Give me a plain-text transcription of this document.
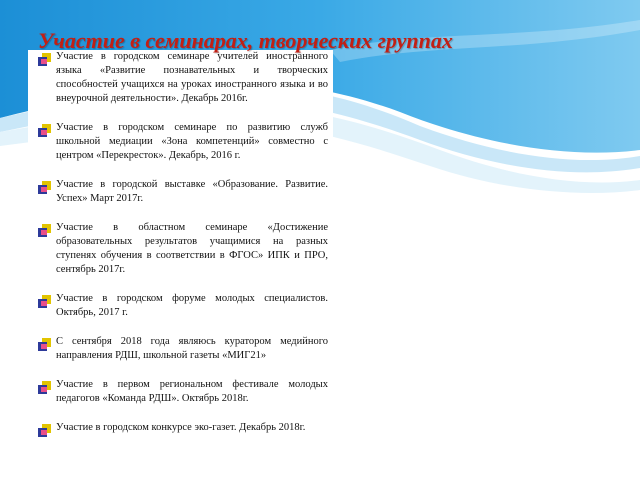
Участие в семинарах, творческих группах
Участие в городском семинаре учителей иностранного языка «Развитие познавательных и творческих способностей учащихся на уроках иностранного языка и во внеурочной деятельности». Декабрь 2016г.
Участие в городском семинаре по развитию служб школьной медиации «Зона компетенций» совместно с центром «Перекресток». Декабрь, 2016 г.
Участие в городской выставке «Образование. Развитие. Успех» Март 2017г.
Участие в областном семинаре «Достижение образовательных результатов учащимися на разных ступенях обучения в соответствии в ФГОС» ИПК и ПРО, сентябрь 2017г.
Участие в городском форуме молодых специалистов. Октябрь, 2017 г.
С сентября 2018 года являюсь куратором медийного направления РДШ, школьной газеты «МИГ21»
Участие в первом региональном фестивале молодых педагогов «Команда РДШ». Октябрь 2018г.
Участие в городском конкурсе эко-газет. Декабрь 2018г.
